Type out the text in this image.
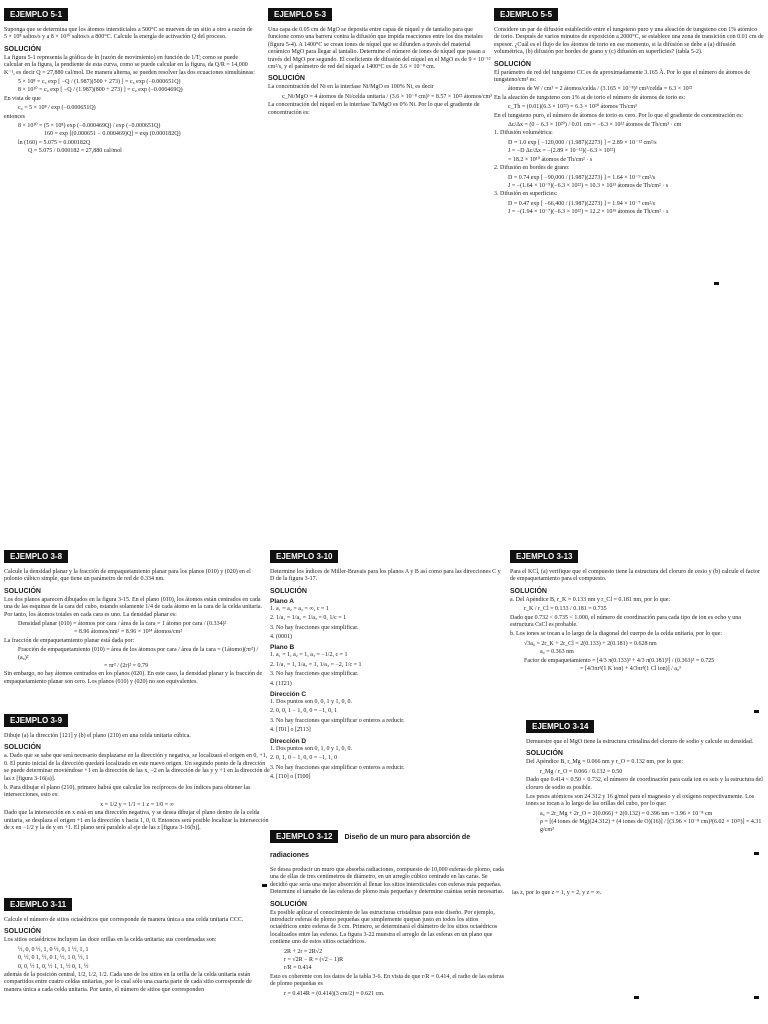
EJEMPLO 5-1

Suponga que se determina que los átomos intersticiales a 500°C se mueven de un sitio a otro a razón de 5 × 10⁸ saltos/s y a 8 × 10¹⁰ saltos/s a 800°C. Calcule la energía de activación Q del proceso.

SOLUCIÓN

La figura 5-1 representa la gráfica de ln (razón de movimiento) en función de 1/T; como se puede calcular en la figura, la pendiente de esta curva, como se puede calcular en la figura, da Q/R = 14,000 K⁻¹, es decir Q = 27,880 cal/mol. De manera alterna, se pueden resolver las dos ecuaciones simultáneas:

5 × 10⁸ = c₀ exp [ −Q / (1.987)(500 + 273) ] = c₀ exp (−0.000651Q)
8 × 10¹⁰ = c₀ exp [ −Q / (1.987)(800 + 273) ] = c₀ exp (−0.000469Q)

En vista de que

c₀ = 5 × 10⁸ / exp (−0.000651Q)

entonces

8 × 10¹⁰ = (5 × 10⁸) exp (−0.000469Q) / exp (−0.000651Q)
160 = exp [(0.000651 − 0.000469)Q] = exp (0.000182Q)
ln (160) = 5.075 = 0.000182Q
Q = 5.075 / 0.000182 = 27,880 cal/mol
EJEMPLO 5-3

Una capa de 0.05 cm de MgO se deposita entre capas de níquel y de tantalio para que funcione como una barrera contra la difusión que impida reacciones entre los dos metales (figura 5-4). A 1400°C se crean iones de níquel que se difunden a través del material cerámico MgO para llegar al tantalio. Determine el número de iones de níquel que pasan a través del MgO por segundo. El coeficiente de difusión del níquel en el MgO es de 9 × 10⁻¹² cm²/s, y el parámetro de red del níquel a 1400°C es de 3.6 × 10⁻⁸ cm.

SOLUCIÓN

La concentración del Ni en la interfase Ni/MgO es 100% Ni, es decir

c_Ni/MgO = 4 átomos de Ni/celda unitaria / (3.6 × 10⁻⁸ cm)³ = 8.57 × 10²² átomos/cm³

La concentración del níquel en la interfase Ta/MgO es 0% Ni. Por lo que el gradiente de concentración es:

EJEMPLO 5-5

Considere un par de difusión establecido entre el tungsteno puro y una aleación de tungsteno con 1% atómico de torio. Después de varios minutos de exposición a 2000°C, se establece una zona de transición con 0.01 cm de espesor. ¿Cuál es el flujo de los átomos de torio en ese momento, si la difusión se debe a (a) difusión volumétrica, (b) difusión por bordes de grano y (c) difusión en superficies? (tabla 5-2).

SOLUCIÓN

El parámetro de red del tungsteno CC es de aproximadamente 3.165 Å. Por lo que el número de átomos de tungsteno/cm³ es:

átomos de W / cm³ = 2 átomos/celda / (3.165 × 10⁻⁸)³ cm³/celda = 6.3 × 10²²

En la aleación de tungsteno con 1% at de torio el número de átomos de torio es:

c_Th = (0.01)(6.3 × 10²²) = 6.3 × 10²⁰ átomos Th/cm³

En el tungsteno puro, el número de átomos de torio es cero. Por lo que el gradiente de concentración es:

Δc/Δx = (0 − 6.3 × 10²⁰) / 0.01 cm = −6.3 × 10²² átomos de Th/cm³ · cm
1. Difusión volumétrica:
D = 1.0 exp [ −120,000 / (1.987)(2273) ] = 2.89 × 10⁻¹² cm²/s
J = −D Δc/Δx = −(2.89 × 10⁻¹²)(−6.3 × 10²²)
= 18.2 × 10¹⁰ átomos de Th/cm² · s
2. Difusión en bordes de grano:
D = 0.74 exp [ −90,000 / (1.987)(2273) ] = 1.64 × 10⁻⁹ cm²/s
J = −(1.64 × 10⁻⁹)(−6.3 × 10²²) = 10.3 × 10¹³ átomos de Th/cm² · s
3. Difusión en superficies:
D = 0.47 exp [ −66,400 / (1.987)(2273) ] = 1.94 × 10⁻⁷ cm²/s
J = −(1.94 × 10⁻⁷)(−6.3 × 10²²) = 12.2 × 10¹⁵ átomos de Th/cm² · s
EJEMPLO 3-8

Calcule la densidad planar y la fracción de empaquetamiento planar para los planos (010) y (020) en el polonio cúbico simple, que tiene un parámetro de red de 0.334 nm.

SOLUCIÓN

Los dos planos aparecen dibujados en la figura 3-15. En el plano (010), los átomos están centrados en cada una de las esquinas de la cara del cubo, estando solamente 1/4 de cada átomo en la cara de la celda unitaria. Por tanto, los átomos totales en cada cara es uno. La densidad planar es:

Densidad planar (010) = átomos por cara / área de la cara = 1 átomo por cara / (0.334)²
= 8.96 átomos/nm² = 8.96 × 10¹⁴ átomos/cm²

La fracción de empaquetamiento planar está dada por:

Fracción de empaquetamiento (010) = área de los átomos por cara / área de la cara = (1átomo)(πr²) / (a₀)²
= πr² / (2r)² = 0.79

Sin embargo, no hay átomos centrados en los planos (020). En este caso, la densidad planar y la fracción de empaquetamiento planar son cero. Los planos (010) y (020) no son equivalentes.

EJEMPLO 3-9

Dibuje (a) la dirección [121] y (b) el plano (210) en una celda unitaria cúbica.

SOLUCIÓN

a. Dado que se sabe que será necesario desplazarse en la dirección y negativa, se localizará el origen en 0, +1, 0. El punto inicial de la dirección quedará localizado en este nuevo origen. Un segundo punto de la dirección se puede determinar moviéndose +1 en la dirección de las x, −2 en la dirección de las y y +1 en la dirección de las z [figura 3-16(a)].

b. Para dibujar el plano (210), primero habrá que calcular los recíprocos de los índices para obtener las intersecciones, esto es:

x = 1/2 y = 1/1 = 1 z = 1/0 = ∞

Dado que la intersección en x está en una dirección negativa, y se desea dibujar el plano dentro de la celda unitaria, se desplaza el origen +1 en la dirección x hacia 1, 0, 0. Entonces será posible localizar la intersección de x en −1/2 y la de y en +1. El plano será paralelo al eje de las z [figura 3-16(b)].

EJEMPLO 3-11

Calcule el número de sitios octaédricos que corresponde de manera única a una celda unitaria CCC.

SOLUCIÓN

Los sitios octaédricos incluyen las doce orillas en la celda unitaria; sus coordenadas son:

½, 0, 0 ½, 1, 0 ½, 0, 1 ½, 1, 1
0, ½, 0 1, ½, 0 1, ½, 1 0, ½, 1
0, 0, ½ 1, 0, ½ 1, 1, ½ 0, 1, ½

además de la posición central, 1/2, 1/2, 1/2. Cada uno de los sitios en la orilla de la celda unitaria están compartidos entre cuatro celdas unitarias, por lo cual sólo una cuarta parte de cada sitio corresponde de manera única a cada celda unitaria. Por tanto, el número de sitios que corresponden

EJEMPLO 3-10

Determine los índices de Miller-Bravais para los planos A y B así como para las direcciones C y D de la figura 3-17.

SOLUCIÓN
Plano A
1. a₁ = a₂ = a₃ = ∞, c = 1
2. 1/a₁ = 1/a₂ = 1/a₃ = 0, 1/c = 1
3. No hay fracciones que simplificar.
4. (0001)
Plano B
1. a₁ = 1, a₂ = 1, a₃ = −1/2, c = 1
2. 1/a₁ = 1, 1/a₂ = 1, 1/a₃ = −2, 1/c = 1
3. No hay fracciones que simplificar.
4. (11̄21)
Dirección C
1. Dos puntos son 0, 0, 1 y 1, 0, 0.
2. 0, 0, 1 − 1, 0, 0 = −1, 0, 1
3. No hay fracciones que simplificar o enteros a reducir.
4. [1̄01] o [2̄113]
Dirección D
1. Dos puntos son 0, 1, 0 y 1, 0, 0.
2. 0, 1, 0 − 1, 0, 0 = −1, 1, 0
3. No hay fracciones que simplificar o enteros a reducir.
4. [1̄10] o [1̄100]
EJEMPLO 3-12 Diseño de un muro para absorción de radiaciones

Se desea producir un muro que absorba radiaciones, compuesto de 10,000 esferas de plomo, cada una de ellas de tres centímetros de diámetro, en un arreglo cúbico centrado en las caras. Se decidió que sería una mejor absorción al llenar los sitios intersticiales con esferas más pequeñas. Determine el tamaño de las esferas de plomo más pequeñas y determine cuántas serán necesarias.

SOLUCIÓN

Es posible aplicar el conocimiento de las estructuras cristalinas para este diseño. Por ejemplo, introducir esferas de plomo pequeñas que simplemente quepan justo en todos los sitios octaédricos entre esferas de 3 cm. Primero, se determinará el diámetro de los sitios octaédricos localizados entre las esferas. La figura 3-22 muestra el arreglo de las esferas en un plano que contiene uno de estos sitios octaédricos.

2R + 2r = 2R√2
r = √2R − R = (√2 − 1)R
r/R = 0.414

Esto es coherente con los datos de la tabla 3-6. En vista de que r/R = 0.414, el radio de las esferas de plomo pequeñas es

r = 0.414R = (0.414)(3 cm/2) = 0.621 cm.
EJEMPLO 3-13

Para el KCl, (a) verifique que el compuesto tiene la estructura del cloruro de cesio y (b) calcule el factor de empaquetamiento para el compuesto.

SOLUCIÓN

a. Del Apéndice B, r_K = 0.133 nm y r_Cl = 0.181 nm, por lo que:

r_K / r_Cl = 0.133 / 0.181 = 0.735

Dado que 0.732 < 0.735 < 1.000, el número de coordinación para cada tipo de ion es ocho y una estructura CsCl es probable.

b. Los iones se tocan a lo largo de la diagonal del cuerpo de la celda unitaria, por lo que:

√3a₀ = 2r_K + 2r_Cl = 2(0.133) + 2(0.181) = 0.628 nm
a₀ = 0.363 nm
Factor de empaquetamiento = [4/3 π(0.133)³ + 4/3 π(0.181)³] / (0.363)³ = 0.725
= [4/3πr³(1 K ion) + 4/3πr³(1 Cl ion)] / a₀³
EJEMPLO 3-14

Demuestre que el MgO tiene la estructura cristalina del cloruro de sodio y calcule su densidad.

SOLUCIÓN

Del Apéndice B, r_Mg = 0.066 nm y r_O = 0.132 nm, por lo que:

r_Mg / r_O = 0.066 / 0.132 = 0.50

Dado que 0.414 < 0.50 < 0.732, el número de coordinación para cada ion es seis y la estructura del cloruro de sodio es posible.

Los pesos atómicos son 24.312 y 16 g/mol para el magnesio y el oxígeno respectivamente. Los iones se tocan a lo largo de las orillas del cubo, por lo que:

a₀ = 2r_Mg + 2r_O = 2(0.066) + 2(0.132) = 0.396 nm = 3.96 × 10⁻⁸ cm
ρ = [(4 iones de Mg)(24.312) + (4 iones de O)(16)] / [(3.96 × 10⁻⁸ cm)³(6.02 × 10²³)] = 4.31 g/cm³

las z, por lo que z = 1, y = 2, y z = ∞.
